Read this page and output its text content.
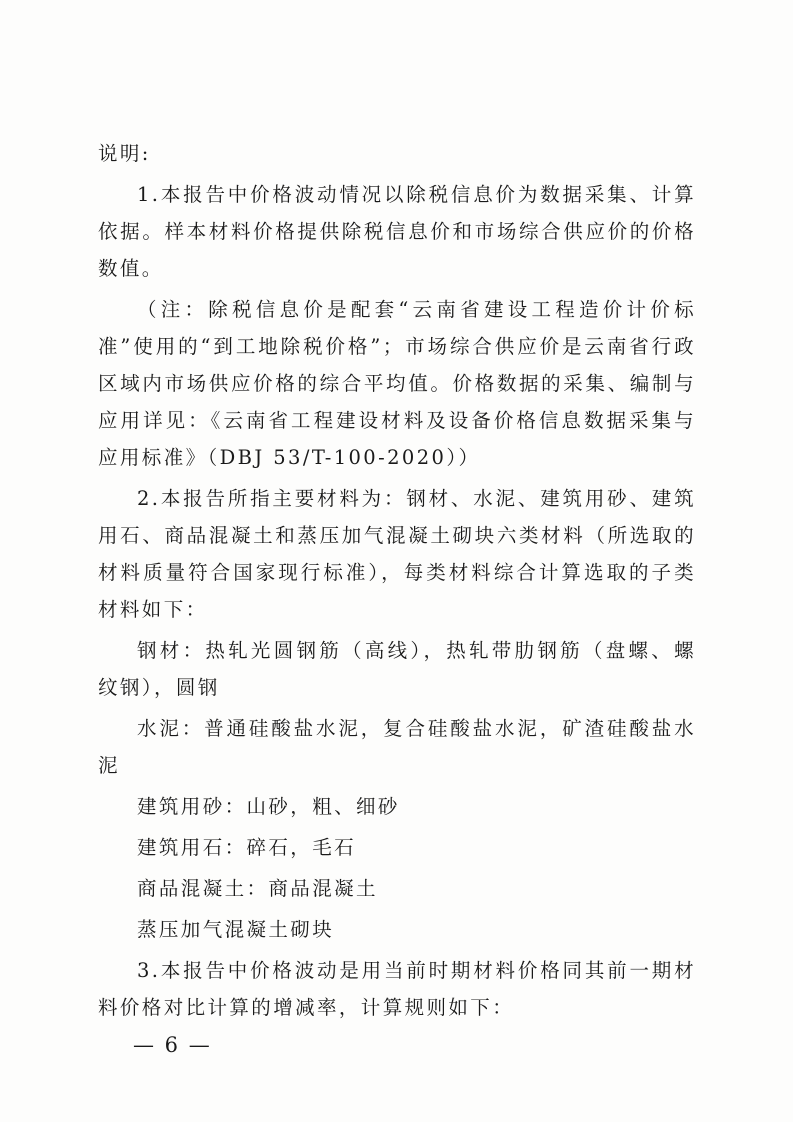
说明:

1.本报告中价格波动情况以除税信息价为数据采集、计算依据。样本材料价格提供除税信息价和市场综合供应价的价格数值。

（注：除税信息价是配套“云南省建设工程造价计价标准”使用的“到工地除税价格”；市场综合供应价是云南省行政区域内市场供应价格的综合平均值。价格数据的采集、编制与应用详见：《云南省工程建设材料及设备价格信息数据采集与应用标准》（DBJ 53/T-100-2020））

2.本报告所指主要材料为：钢材、水泥、建筑用砂、建筑用石、商品混凝土和蒸压加气混凝土砌块六类材料（所选取的材料质量符合国家现行标准），每类材料综合计算选取的子类材料如下：

钢材：热轧光圆钢筋（高线），热轧带肋钢筋（盘螺、螺纹钢），圆钢

水泥：普通硅酸盐水泥，复合硅酸盐水泥，矿渣硅酸盐水泥

建筑用砂：山砂，粗、细砂

建筑用石：碎石，毛石

商品混凝土：商品混凝土

蒸压加气混凝土砌块

3.本报告中价格波动是用当前时期材料价格同其前一期材料价格对比计算的增减率，计算规则如下：

— 6 —
